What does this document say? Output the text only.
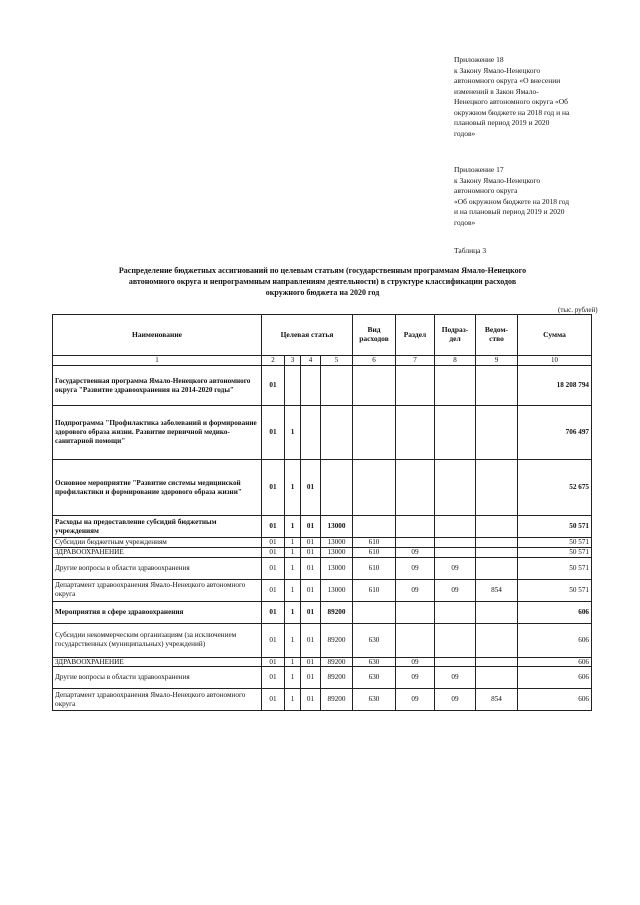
Приложение 18
к Закону Ямало-Ненецкого
автономного округа «О внесении
изменений в Закон Ямало-
Ненецкого автономного округа «Об
окружном бюджете на 2018 год и на
плановый период 2019 и 2020
годов»
Приложение 17
к Закону Ямало-Ненецкого
автономного округа
«Об окружном бюджете на 2018 год
и на плановый период 2019 и 2020
годов»
Таблица 3
Распределение бюджетных ассигнований по целевым статьям (государственным программам Ямало-Ненецкого
автономного округа и непрограммным направлениям деятельности) в структуре классификации расходов
окружного бюджета на 2020 год
(тыс. рублей)
Наименование	Целевая статья				Вид расходов	Раздел	Подраз-дел	Ведом-ство	Сумма
1	2	3	4	5	6	7	8	9	10
Государственная программа Ямало-Ненецкого автономного округа "Развитие здравоохранения на 2014-2020 годы"	01								18 208 794
Подпрограмма "Профилактика заболеваний и формирование здорового образа жизни. Развитие первичной медико-санитарной помощи"	01	1							706 497
Основное мероприятие "Развитие системы медицинской профилактики и формирование здорового образа жизни"	01	1	01						52 675
Расходы на предоставление субсидий бюджетным учреждениям	01	1	01	13000					50 571
Субсидии бюджетным учреждениям	01	1	01	13000	610				50 571
ЗДРАВООХРАНЕНИЕ	01	1	01	13000	610	09			50 571
Другие вопросы в области здравоохранения	01	1	01	13000	610	09	09		50 571
Департамент здравоохранения Ямало-Ненецкого автономного округа	01	1	01	13000	610	09	09	854	50 571
Мероприятия в сфере здравоохранения	01	1	01	89200					606
Субсидии некоммерческим организациям (за исключением государственных (муниципальных) учреждений)	01	1	01	89200	630				606
ЗДРАВООХРАНЕНИЕ	01	1	01	89200	630	09			606
Другие вопросы в области здравоохранения	01	1	01	89200	630	09	09		606
Департамент здравоохранения Ямало-Ненецкого автономного округа	01	1	01	89200	630	09	09	854	606
